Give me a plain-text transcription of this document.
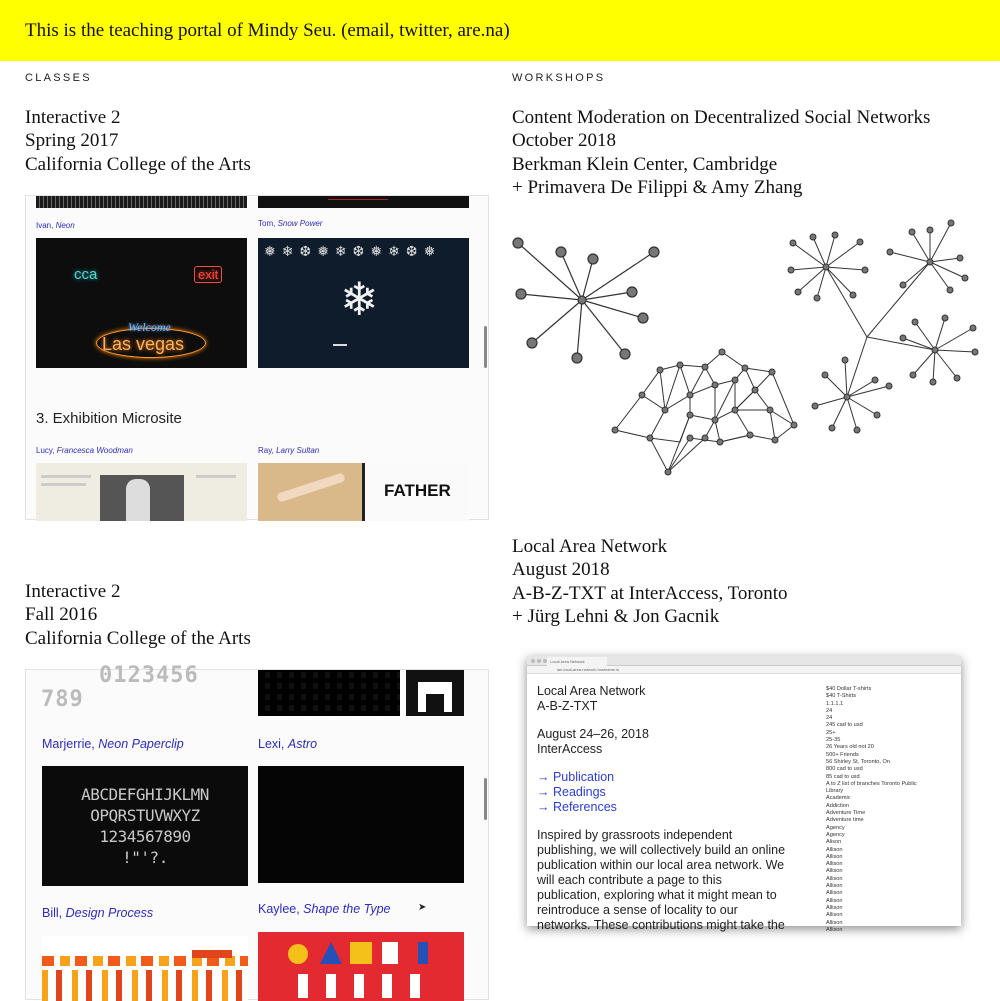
This is the teaching portal of Mindy Seu. (email, twitter, are.na)
CLASSES	WORKSHOPS
Interactive 2
Spring 2017
California College of the Arts
Ivan, Neon	Tom, Snow Power
cca	exit
Welcome
Las vegas
❅❄❆❅❄❆❅❄❆❅
❄
3. Exhibition Microsite
Lucy, Francesca Woodman	Ray, Larry Sultan
FATHER
Interactive 2
Fall 2016
California College of the Arts
0123456
789
Marjerrie, Neon Paperclip	Lexi, Astro
ABCDEFGHIJKLMN
OPQRSTUVWXYZ
1234567890
!"'?.
Bill, Design Process	Kaylee, Shape the Type	➤
Content Moderation on Decentralized Social Networks
October 2018
Berkman Klein Center, Cambridge
+ Primavera De Filippi & Amy Zhang
Local Area Network
August 2018
A-B-Z-TXT at InterAccess, Toronto
+ Jürg Lehni & Jon Gacnik
Local Area Network
lan.local-area-network.hostname.io
Local Area Network
A-B-Z-TXT
August 24–26, 2018
InterAccess
→ Publication
→ Readings
→ References
Inspired by grassroots independent
publishing, we will collectively build an online
publication within our local area network. We
will each contribute a page to this
publication, exploring what it might mean to
reintroduce a sense of locality to our
networks. These contributions might take the
$40 Dollar T-shirts
$40 T-Shirts
1.1.1.1
24
24
245 cad to usd
25+
25-35
26 Years old not 20
500+ Friends
56 Shirley St, Toronto, On
800 cad to usd
85 cad to usd
A to Z list of branches Toronto Public
Library
Academic
Addiction
Adventure Time
Adventure time
Agency
Agency
Alison
Allison
Allison
Allison
Allison
Allison
Allison
Allison
Allison
Allison
Allison
Allison
Allison
